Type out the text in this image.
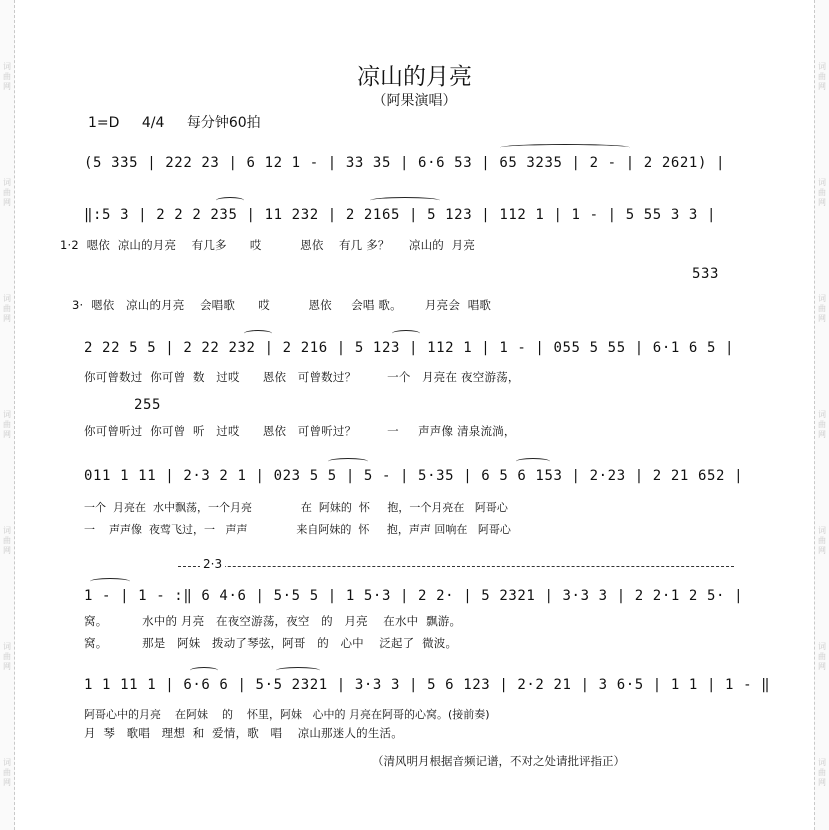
词曲网
词曲网
词曲网
词曲网
词曲网
词曲网
词曲网
词曲网
词曲网
词曲网
词曲网
词曲网
词曲网
词曲网
凉山的月亮
（阿果演唱）
1=D 4/4 每分钟60拍
(5 335 | 222 23 | 6 12 1 - | 33 35 | 6·6 53 | 65 3235 | 2 - | 2 2621) |
‖:5 3 | 2 2 2 235 | 11 232 | 2 2165 | 5 123 | 112 1 | 1 - | 5 55 3 3 |
1·2  嗯依  凉山的月亮    有几多      哎          恩依    有几 多？     凉山的  月亮
533
3·  嗯依   凉山的月亮    会唱歌      哎          恩依     会唱 歌。      月亮会  唱歌
2 22 5 5 | 2 22 232 | 2 216 | 5 123 | 112 1 | 1 - | 055 5 55 | 6·1 6 5 |
你可曾数过  你可曾  数   过哎      恩依   可曾数过？        一个   月亮在 夜空游荡，
255
你可曾听过  你可曾  听   过哎      恩依   可曾听过？        一     声声像 清泉流淌，
011 1 11 | 2·3 2 1 | 023 5 5 | 5 - | 5·35 | 6 5 6 153 | 2·23 | 2 21 652 |
一个  月亮在  水中飘荡，一个月亮              在  阿妹的  怀     抱，一个月亮在   阿哥心
一    声声像  夜莺飞过，一   声声              来自阿妹的  怀     抱，声声 回响在   阿哥心
2·3
1 - | 1 - :‖ 6 4·6 | 5·5 5 | 1 5·3 | 2 2· | 5 2321 | 3·3 3 | 2 2·1 2 5· |
窝。         水中的 月亮   在夜空游荡，夜空   的   月亮    在水中  飘游。
窝。         那是   阿妹   拨动了琴弦，阿哥   的   心中    泛起了  微波。
1 1 11 1 | 6·6 6 | 5·5 2321 | 3·3 3 | 5 6 123 | 2·2 21 | 3 6·5 | 1 1 | 1 - ‖
阿哥心中的月亮    在阿妹    的    怀里，阿妹   心中的 月亮在阿哥的心窝。(接前奏)
月  琴   歌唱   理想  和  爱情，歌   唱    凉山那迷人的生活。
（清风明月根据音频记谱，不对之处请批评指正）
